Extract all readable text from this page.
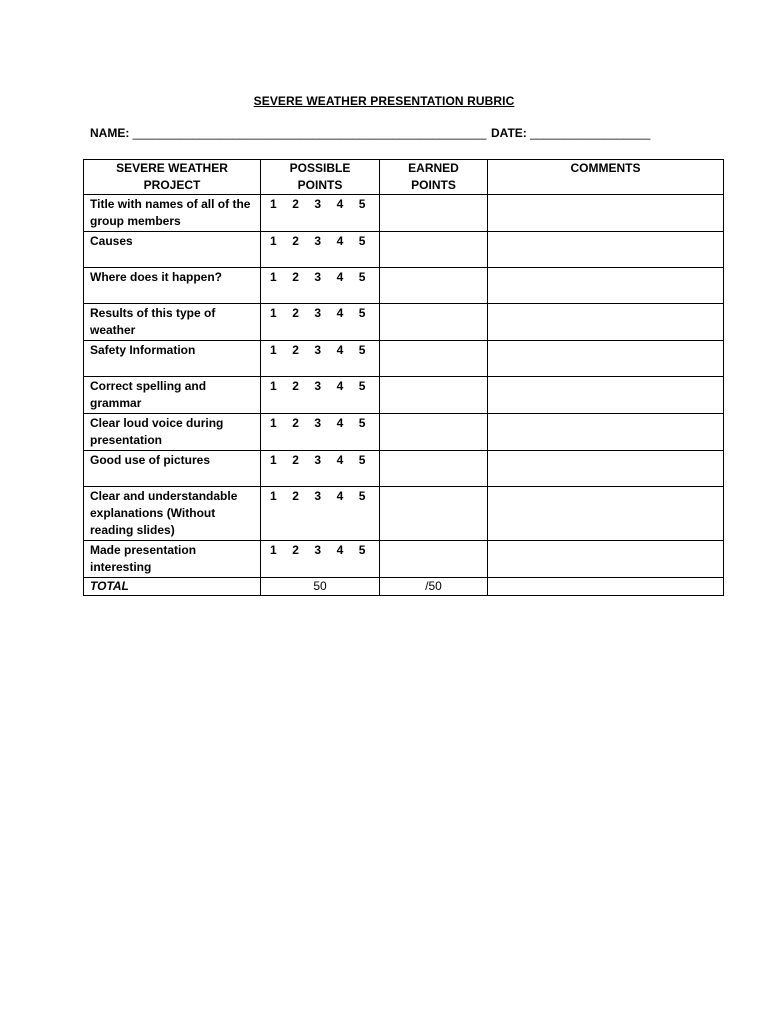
SEVERE WEATHER PRESENTATION RUBRIC
NAME: _____________________________________________________ DATE: __________________
SEVERE WEATHER PROJECT	POSSIBLE POINTS	EARNED POINTS	COMMENTS
Title with names of all of the group members	1 2 3 4 5		
Causes	1 2 3 4 5		
Where does it happen?	1 2 3 4 5		
Results of this type of weather	1 2 3 4 5		
Safety Information	1 2 3 4 5		
Correct spelling and grammar	1 2 3 4 5		
Clear loud voice during presentation	1 2 3 4 5		
Good use of pictures	1 2 3 4 5		
Clear and understandable explanations (Without reading slides)	1 2 3 4 5		
Made presentation interesting	1 2 3 4 5		
TOTAL	50	/50	
